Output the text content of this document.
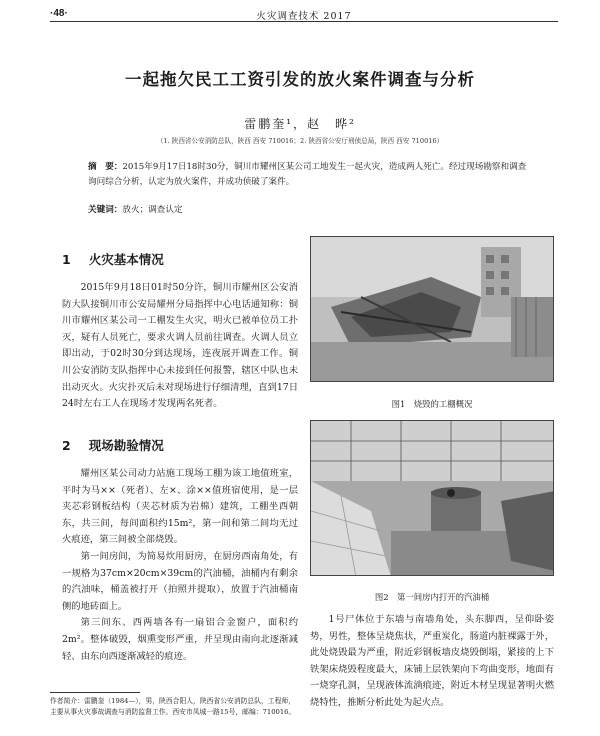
·48·	火灾调查技术 2017
一起拖欠民工工资引发的放火案件调查与分析
雷鹏奎¹，赵　晔²
（1. 陕西省公安消防总队，陕西 西安 710016；2. 陕西省公安厅刑侦总局，陕西 西安 710016）
摘　要：2015年9月17日18时30分，铜川市耀州区某公司工地发生一起火灾，造成两人死亡。经过现场勘察和调查询问综合分析，认定为放火案件，并成功侦破了案件。
关键词：放火；调查认定
1 火灾基本情况
2015年9月18日01时50分许，铜川市耀州区公安消防大队接铜川市公安局耀州分局指挥中心电话通知称：铜川市耀州区某公司一工棚发生火灾，明火已被单位员工扑灭，疑有人员死亡，要求火调人员前往调查。火调人员立即出动，于02时30分到达现场，连夜展开调查工作。铜川公安消防支队指挥中心未接到任何报警，辖区中队也未出动灭火。火灾扑灭后未对现场进行仔细清理，直到17日24时左右工人在现场才发现两名死者。
2 现场勘验情况

耀州区某公司动力站施工现场工棚为该工地值班室，平时为马××（死者）、左×、涂××值班宿使用，是一层夹芯彩钢板结构（夹芯材质为岩棉）建筑，工棚坐西朝东，共三间，每间面积约15m²，第一间和第二间均无过火痕迹，第三间被全部烧毁。

第一间房间，为简易炊用厨房，在厨房西南角处，有一规格为37cm×20cm×39cm的汽油桶，油桶内有剩余的汽油味，桶盖被打开（拍照并提取），放置于汽油桶南侧的地砖面上。

第三间东、西两墙各有一扇铝合金窗户，面积约2m²。整体破毁，烟熏变形严重，并呈现由南向北逐渐减轻、由东向西逐渐减轻的痕迹。

图1　烧毁的工棚概况
图2　第一间房内打开的汽油桶
1号尸体位于东墙与南墙角处，头东脚西，呈仰卧姿势，男性，整体呈烧焦状，严重炭化，肠道内脏裸露于外，此处烧毁最为严重，附近彩钢板墙皮烧毁倒塌，紧接的上下铁架床烧毁程度最大，床铺上层铁架向下弯曲变形，地面有一烧穿孔洞，呈现液体流淌痕迹，附近木材呈现显著明火燃烧特性，推断分析此处为起火点。
作者简介：雷鹏奎（1984—），男，陕西合阳人，陕西省公安消防总队，工程师，主要从事火灾事故调查与消防监督工作。西安市凤城一路15号，邮编：710016。
